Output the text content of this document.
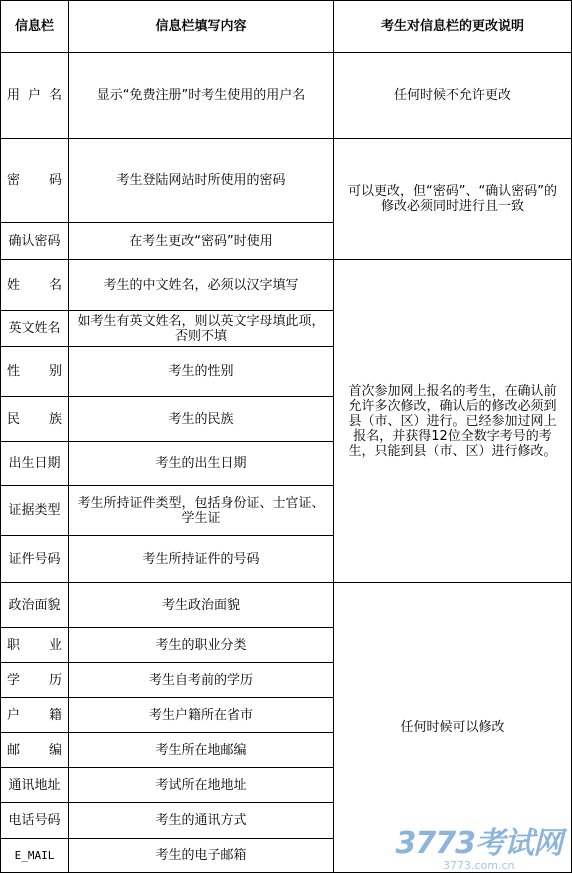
信息栏	信息栏填写内容	考生对信息栏的更改说明
用户名	显示“免费注册”时考生使用的用户名	任何时候不允许更改
密码	考生登陆网站时所使用的密码	可以更改，但“密码”、“确认密码”的修改必须同时进行且一致
确认密码	在考生更改“密码”时使用	
姓名	考生的中文姓名，必须以汉字填写	首次参加网上报名的考生，在确认前允许多次修改，确认后的修改必须到县（市、区）进行。已经参加过网上报名，并获得12位全数字考号的考生，只能到县（市、区）进行修改。
英文姓名	如考生有英文姓名，则以英文字母填此项，否则不填	
性别	考生的性别	
民族	考生的民族	
出生日期	考生的出生日期	
证据类型	考生所持证件类型，包括身份证、士官证、学生证	
证件号码	考生所持证件的号码	
政治面貌	考生政治面貌	任何时候可以修改
职业	考生的职业分类	
学历	考生自考前的学历	
户籍	考生户籍所在省市	
邮编	考生所在地邮编	
通讯地址	考试所在地地址	
电话号码	考生的通讯方式	
E_MAIL	考生的电子邮箱		3773考试网
3773.com.cn
